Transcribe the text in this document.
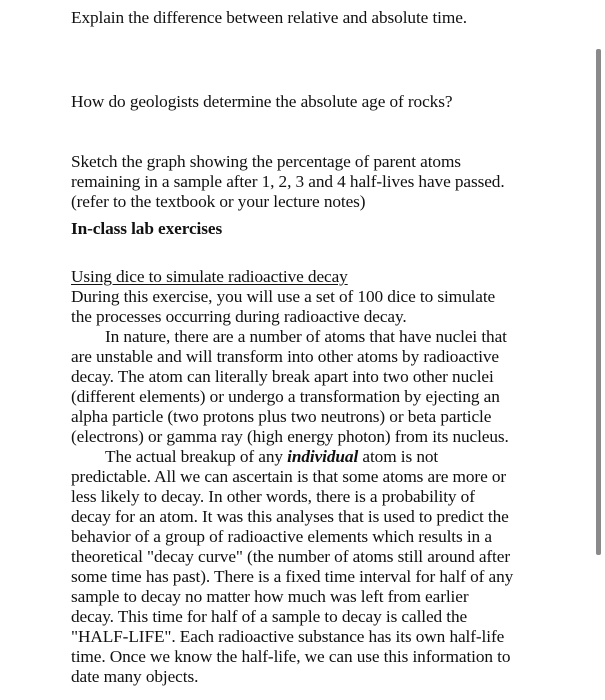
Explain the difference between relative and absolute time.
How do geologists determine the absolute age of rocks?
Sketch the graph showing the percentage of parent atoms
remaining in a sample after 1, 2, 3 and 4 half-lives have passed.
(refer to the textbook or your lecture notes)
In-class lab exercises
Using dice to simulate radioactive decay
During this exercise, you will use a set of 100 dice to simulate
the processes occurring during radioactive decay.
In nature, there are a number of atoms that have nuclei that
are unstable and will transform into other atoms by radioactive
decay. The atom can literally break apart into two other nuclei
(different elements) or undergo a transformation by ejecting an
alpha particle (two protons plus two neutrons) or beta particle
(electrons) or gamma ray (high energy photon) from its nucleus.
The actual breakup of any individual atom is not
predictable. All we can ascertain is that some atoms are more or
less likely to decay. In other words, there is a probability of
decay for an atom. It was this analyses that is used to predict the
behavior of a group of radioactive elements which results in a
theoretical "decay curve" (the number of atoms still around after
some time has past). There is a fixed time interval for half of any
sample to decay no matter how much was left from earlier
decay. This time for half of a sample to decay is called the
"HALF-LIFE". Each radioactive substance has its own half-life
time. Once we know the half-life, we can use this information to
date many objects.
